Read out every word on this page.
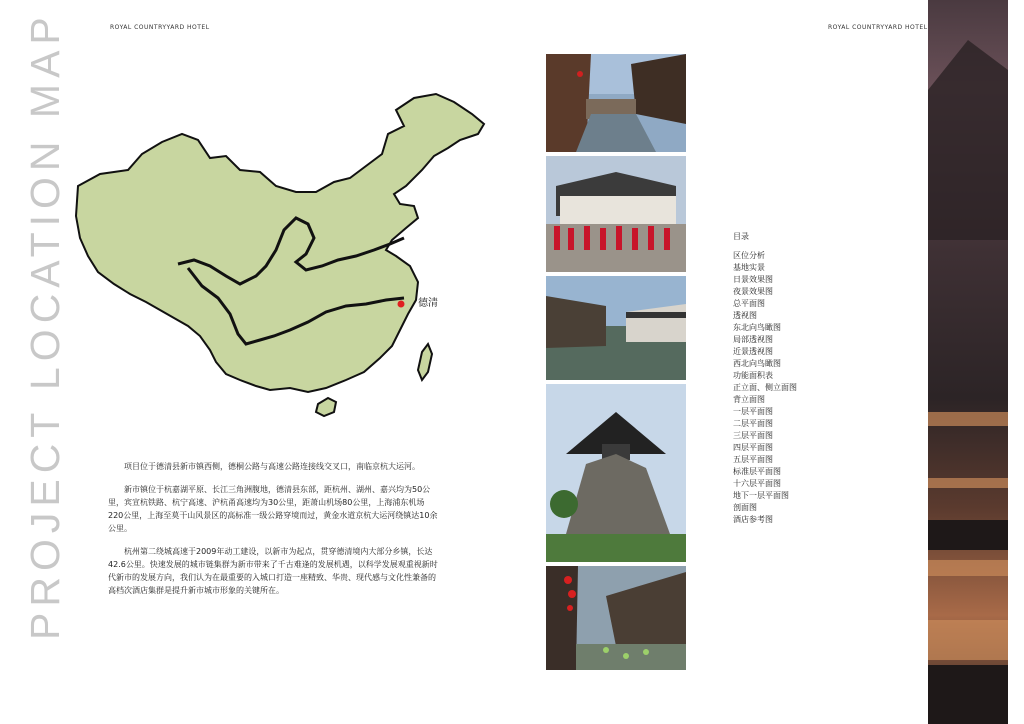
ROYAL COUNTRYYARD HOTEL	ROYAL COUNTRYYARD HOTEL
PROJECT LOCATION MAP	德清

项目位于德清县新市镇西侧，德桐公路与高速公路连接线交叉口，南临京杭大运河。

新市镇位于杭嘉湖平原、长江三角洲腹地，德清县东部，距杭州、湖州、嘉兴均为50公里，宾宣杭铁路、杭宁高速、沪杭甬高速均为30公里，距萧山机场80公里，上海浦东机场220公里，上海至莫干山风景区的高标准一级公路穿境而过，黄金水道京杭大运河绕镇达10余公里。

杭州第二绕城高速于2009年动工建设，以新市为起点，贯穿德清境内大部分乡镇，长达42.6公里。快速发展的城市链集群为新市带来了千古难逢的发展机遇，以科学发展观重视新时代新市的发展方向，我们认为在最重要的入城口打造一座精致、华贵、现代感与文化性兼备的高档次酒店集群是提升新市城市形象的关键所在。

目录
区位分析
基地实景
日景效果图
夜景效果图
总平面图
透视图
东北向鸟瞰图
局部透视图
近景透视图
西北向鸟瞰图
功能面积表
正立面、侧立面图
背立面图
一层平面图
二层平面图
三层平面图
四层平面图
五层平面图
标准层平面图
十六层平面图
地下一层平面图
剖面图
酒店参考图
